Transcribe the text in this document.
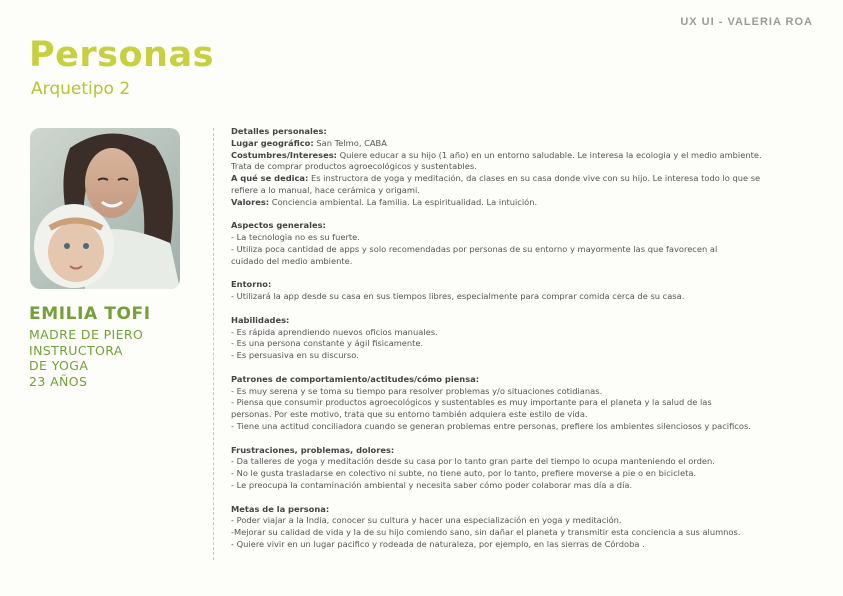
UX UI - VALERIA ROA
Personas
Arquetipo 2
EMILIA TOFI
MADRE DE PIERO
INSTRUCTORA
DE YOGA
23 AÑOS
Detalles personales:
Lugar geográfico: San Telmo, CABA
Costumbres/Intereses: Quiere educar a su hijo (1 año) en un entorno saludable. Le interesa la ecologia y el medio ambiente.
Trata de comprar productos agroecológicos y sustentables.
A qué se dedica: Es instructora de yoga y meditación, da clases en su casa donde vive con su hijo. Le interesa todo lo que se
refiere a lo manual, hace cerámica y origami.
Valores: Conciencia ambiental. La familia. La espiritualidad. La intuición.
Aspectos generales:
- La tecnologia no es su fuerte.
- Utiliza poca cantidad de apps y solo recomendadas por personas de su entorno y mayormente las que favorecen al
cuidado del medio ambiente.
Entorno:
- Utilizará la app desde su casa en sus tiempos libres, especialmente para comprar comida cerca de su casa.
Habilidades:
- Es rápida aprendiendo nuevos oficios manuales.
- Es una persona constante y ágil fisicamente.
- Es persuasiva en su discurso.
Patrones de comportamiento/actitudes/cómo piensa:
- Es muy serena y se toma su tiempo para resolver problemas y/o situaciones cotidianas.
- Piensa que consumir productos agroecológicos y sustentables es muy importante para el planeta y la salud de las
personas. Por este motivo, trata que su entorno también adquiera este estilo de vida.
- Tiene una actitud conciliadora cuando se generan problemas entre personas, prefiere los ambientes silenciosos y pacificos.
Frustraciones, problemas, dolores:
- Da talleres de yoga y meditación desde su casa por lo tanto gran parte del tiempo lo ocupa manteniendo el orden.
- No le gusta trasladarse en colectivo ni subte, no tiene auto, por lo tanto, prefiere moverse a pie o en bicicleta.
- Le preocupa la contaminación ambiental y necesita saber cómo poder colaborar mas día a día.
Metas de la persona:
- Poder viajar a la India, conocer su cultura y hacer una especialización en yoga y meditación.
-Mejorar su calidad de vida y la de su hijo comiendo sano, sin dañar el planeta y transmitir esta conciencia a sus alumnos.
- Quiere vivir en un lugar pacifico y rodeada de naturaleza, por ejemplo, en las sierras de Córdoba .
